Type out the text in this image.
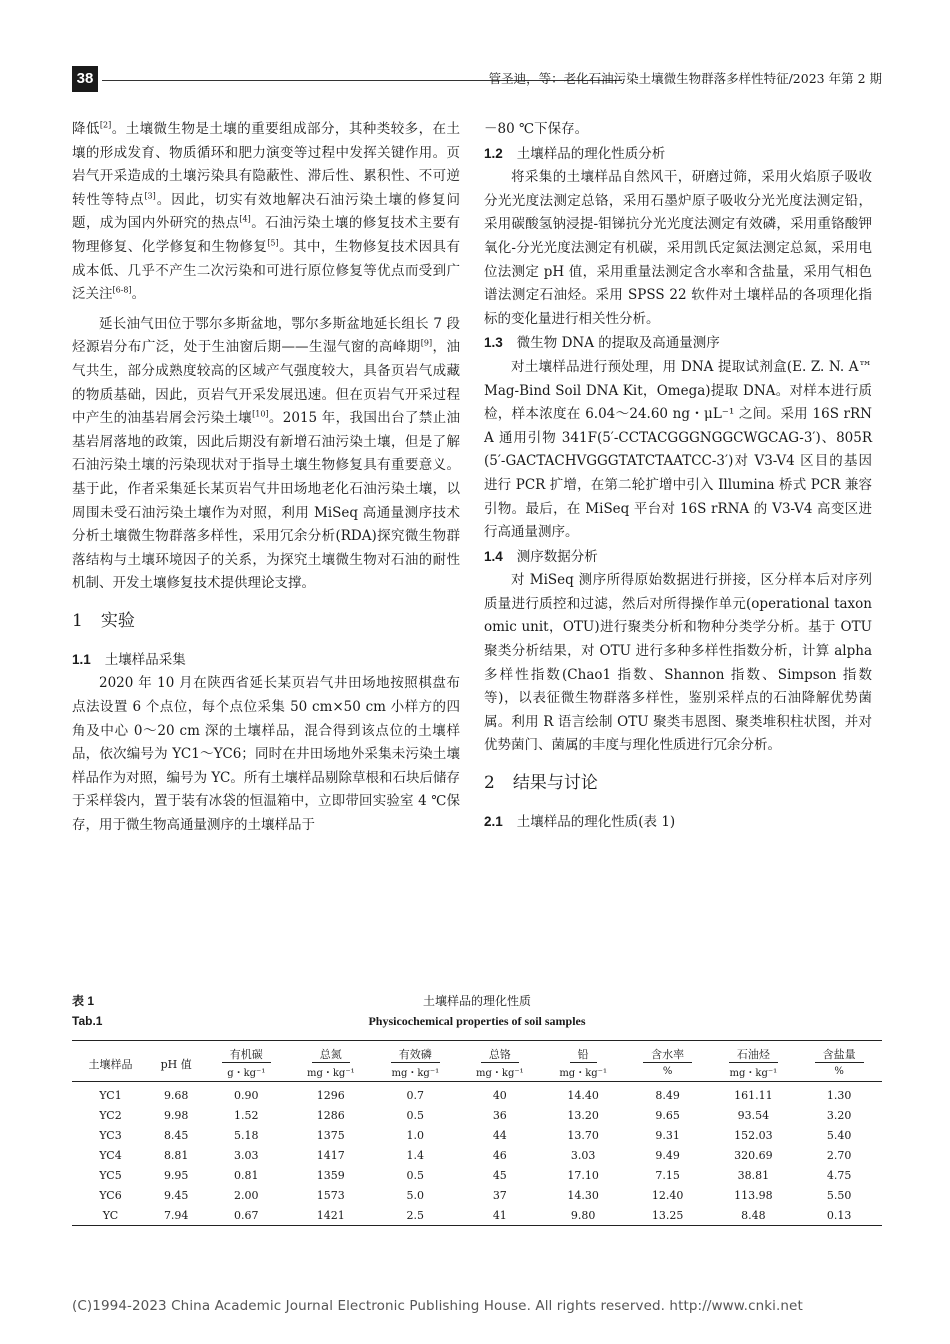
38	管圣迪，等：老化石油污染土壤微生物群落多样性特征/2023 年第 2 期

降低[2]。土壤微生物是土壤的重要组成部分，其种类较多，在土壤的形成发育、物质循环和肥力演变等过程中发挥关键作用。页岩气开采造成的土壤污染具有隐蔽性、滞后性、累积性、不可逆转性等特点[3]。因此，切实有效地解决石油污染土壤的修复问题，成为国内外研究的热点[4]。石油污染土壤的修复技术主要有物理修复、化学修复和生物修复[5]。其中，生物修复技术因具有成本低、几乎不产生二次污染和可进行原位修复等优点而受到广泛关注[6-8]。

延长油气田位于鄂尔多斯盆地，鄂尔多斯盆地延长组长 7 段烃源岩分布广泛，处于生油窗后期——生湿气窗的高峰期[9]，油气共生，部分成熟度较高的区域产气强度较大，具备页岩气成藏的物质基础，因此，页岩气开采发展迅速。但在页岩气开采过程中产生的油基岩屑会污染土壤[10]。2015 年，我国出台了禁止油基岩屑落地的政策，因此后期没有新增石油污染土壤，但是了解石油污染土壤的污染现状对于指导土壤生物修复具有重要意义。基于此，作者采集延长某页岩气井田场地老化石油污染土壤，以周围未受石油污染土壤作为对照，利用 MiSeq 高通量测序技术分析土壤微生物群落多样性，采用冗余分析(RDA)探究微生物群落结构与土壤环境因子的关系，为探究土壤微生物对石油的耐性机制、开发土壤修复技术提供理论支撑。

1 实验
1.1 土壤样品采集

2020 年 10 月在陕西省延长某页岩气井田场地按照棋盘布点法设置 6 个点位，每个点位采集 50 cm×50 cm 小样方的四角及中心 0～20 cm 深的土壤样品，混合得到该点位的土壤样品，依次编号为 YC1～YC6；同时在井田场地外采集未污染土壤样品作为对照，编号为 YC。所有土壤样品剔除草根和石块后储存于采样袋内，置于装有冰袋的恒温箱中，立即带回实验室 4 ℃保存，用于微生物高通量测序的土壤样品于

－80 ℃下保存。

1.2 土壤样品的理化性质分析

将采集的土壤样品自然风干，研磨过筛，采用火焰原子吸收分光光度法测定总铬，采用石墨炉原子吸收分光光度法测定铅，采用碳酸氢钠浸提-钼锑抗分光光度法测定有效磷，采用重铬酸钾氧化-分光光度法测定有机碳，采用凯氏定氮法测定总氮，采用电位法测定 pH 值，采用重量法测定含水率和含盐量，采用气相色谱法测定石油烃。采用 SPSS 22 软件对土壤样品的各项理化指标的变化量进行相关性分析。

1.3 微生物 DNA 的提取及高通量测序

对土壤样品进行预处理，用 DNA 提取试剂盒(E. Z. N. A™ Mag-Bind Soil DNA Kit，Omega)提取 DNA。对样本进行质检，样本浓度在 6.04～24.60 ng・μL⁻¹ 之间。采用 16S rRNA 通用引物 341F(5′-CCTACGGGNGGCWGCAG-3′)、805R(5′-GACTACHVGGGTATCTAATCC-3′)对 V3-V4 区目的基因进行 PCR 扩增，在第二轮扩增中引入 Illumina 桥式 PCR 兼容引物。最后，在 MiSeq 平台对 16S rRNA 的 V3-V4 高变区进行高通量测序。

1.4 测序数据分析

对 MiSeq 测序所得原始数据进行拼接，区分样本后对序列质量进行质控和过滤，然后对所得操作单元(operational taxonomic unit，OTU)进行聚类分析和物种分类学分析。基于 OTU 聚类分析结果，对 OTU 进行多种多样性指数分析，计算 alpha 多样性指数(Chao1 指数、Shannon 指数、Simpson 指数等)，以表征微生物群落多样性，鉴别采样点的石油降解优势菌属。利用 R 语言绘制 OTU 聚类韦恩图、聚类堆积柱状图，并对优势菌门、菌属的丰度与理化性质进行冗余分析。

2 结果与讨论
2.1 土壤样品的理化性质(表 1)
表 1	土壤样品的理化性质
Tab.1	Physicochemical properties of soil samples
土壤样品	pH 值	有机碳	总氮	有效磷	总铬	铅	含水率	石油烃	含盐量
		g・kg⁻¹	mg・kg⁻¹	mg・kg⁻¹	mg・kg⁻¹	mg・kg⁻¹	%	mg・kg⁻¹	%
YC1	9.68	0.90	1296	0.7	40	14.40	8.49	161.11	1.30
YC2	9.98	1.52	1286	0.5	36	13.20	9.65	93.54	3.20
YC3	8.45	5.18	1375	1.0	44	13.70	9.31	152.03	5.40
YC4	8.81	3.03	1417	1.4	46	3.03	9.49	320.69	2.70
YC5	9.95	0.81	1359	0.5	45	17.10	7.15	38.81	4.75
YC6	9.45	2.00	1573	5.0	37	14.30	12.40	113.98	5.50
YC	7.94	0.67	1421	2.5	41	9.80	13.25	8.48	0.13
(C)1994-2023 China Academic Journal Electronic Publishing House. All rights reserved. http://www.cnki.net
